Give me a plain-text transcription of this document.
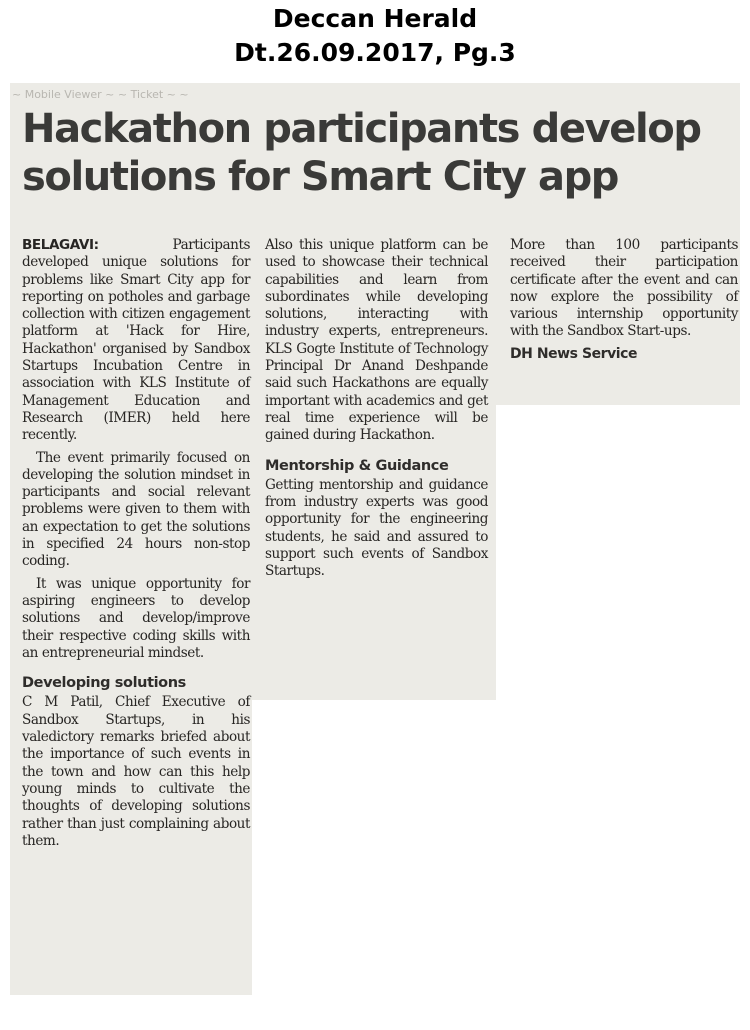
Deccan Herald
Dt.26.09.2017, Pg.3
~ Mobile Viewer ~ ~ Ticket ~ ~
Hackathon participants develop solutions for Smart City app

BELAGAVI:	Participants developed unique solutions for problems like Smart City app for reporting on potholes and garbage collection with citizen engagement platform at 'Hack for Hire, Hackathon' organised by Sandbox Startups Incubation Centre in association with KLS Institute of Management Education and Research (IMER) held here recently.

The event primarily focused on developing the solution mindset in participants and social relevant problems were given to them with an expectation to get the solutions in specified 24 hours non-stop coding.

It was unique opportunity for aspiring engineers to develop solutions and develop/improve their respective coding skills with an entrepreneurial mindset.

Developing solutions

C M Patil, Chief Executive of Sandbox Startups, in his valedictory remarks briefed about the importance of such events in the town and how can this help young minds to cultivate the thoughts of developing solutions rather than just complaining about them.

Also this unique platform can be used to showcase their technical capabilities and learn from subordinates while developing solutions, interacting with industry experts, entrepreneurs. KLS Gogte Institute of Technology Principal Dr Anand Deshpande said such Hackathons are equally important with academics and get real time experience will be gained during Hackathon.

Mentorship & Guidance

Getting mentorship and guidance from industry experts was good opportunity for the engineering students, he said and assured to support such events of Sandbox Startups.

More than 100 participants received their participation certificate after the event and can now explore the possibility of various internship opportunity with the Sandbox Start-ups.

DH News Service
